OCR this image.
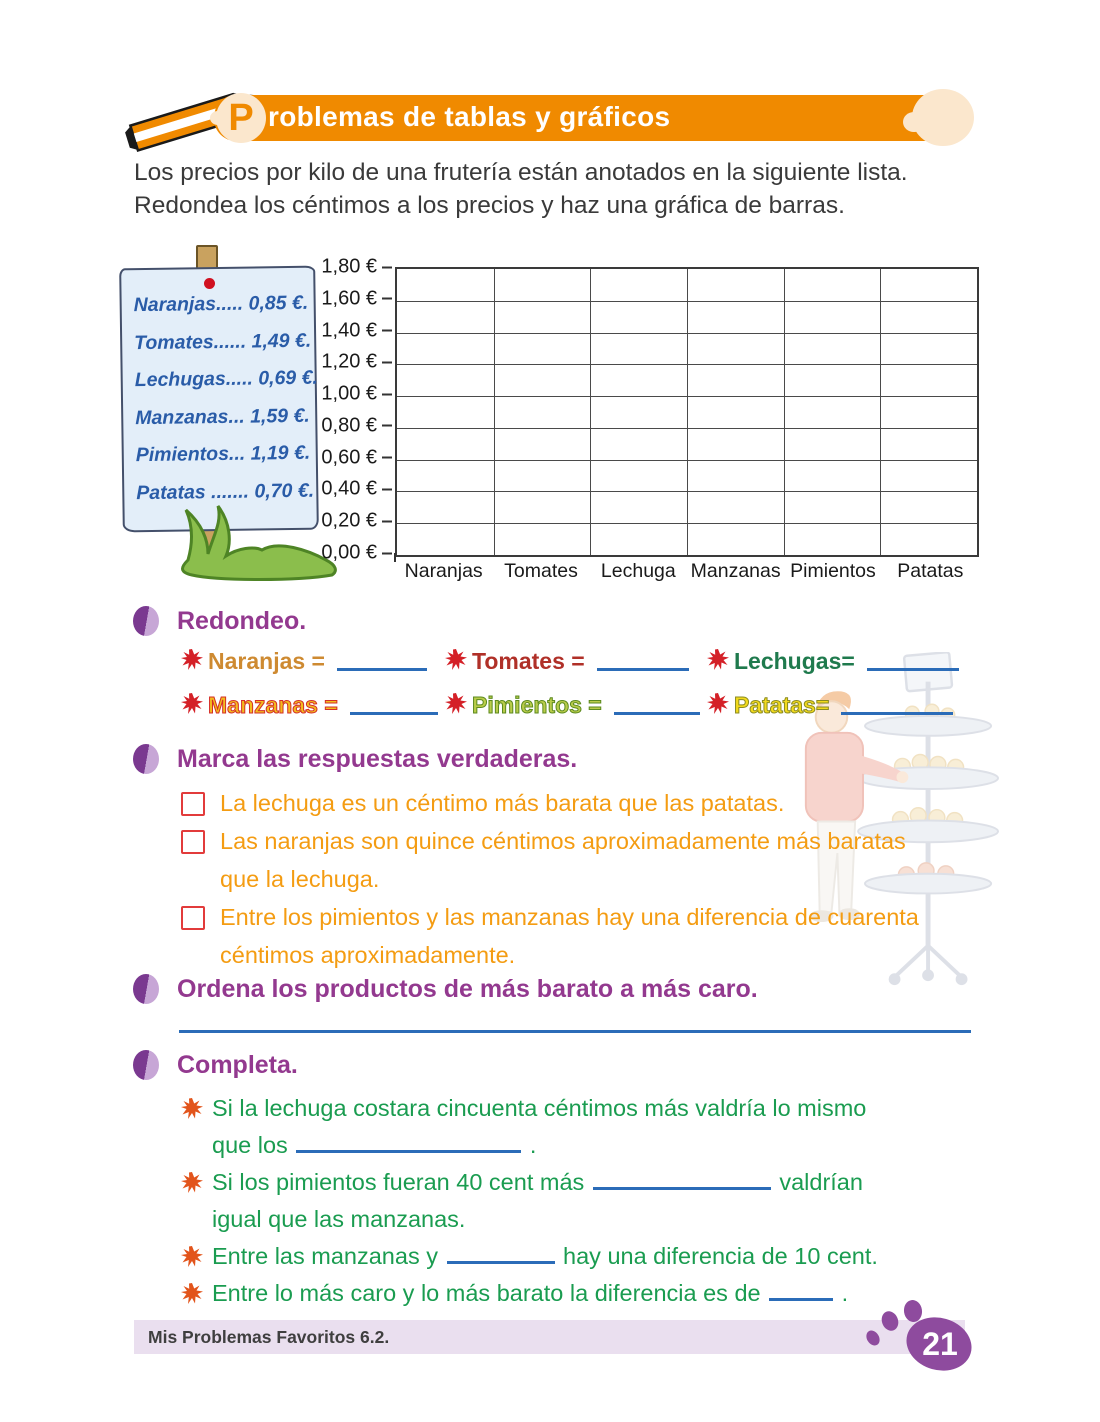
P roblemas de tablas y gráficos
Los precios por kilo de una frutería están anotados en la siguiente lista.
Redondea los céntimos a los precios y haz una gráfica de barras.
Naranjas..... 0,85 €.
Tomates...... 1,49 €.
Lechugas..... 0,69 €.
Manzanas... 1,59 €.
Pimientos... 1,19 €.
Patatas ....... 0,70 €.
1,80 €
1,60 €
1,40 €
1,20 €
1,00 €
0,80 €
0,60 €
0,40 €
0,20 €
0,00 €
Naranjas	Tomates	Lechuga Manzanas Pimientos	Patatas
Redondeo.
Naranjas =	Tomates =	Lechugas=
Manzanas =	Pimientos =	Patatas=
Marca las respuestas verdaderas.
La lechuga es un céntimo más barata que las patatas.
Las naranjas son quince céntimos aproximadamente más baratas
que la lechuga.
Entre los pimientos y las manzanas hay una diferencia de cuarenta
céntimos aproximadamente.
Ordena los productos de más barato a más caro.
Completa.
Si la lechuga costara cincuenta céntimos más valdría lo mismo
que los	.
Si los pimientos fueran 40 cent más	valdrían
igual que las manzanas.
Entre las manzanas y	hay una diferencia de 10 cent.
Entre lo más caro y lo más barato la diferencia es de	.
Mis Problemas Favoritos 6.2.	21
